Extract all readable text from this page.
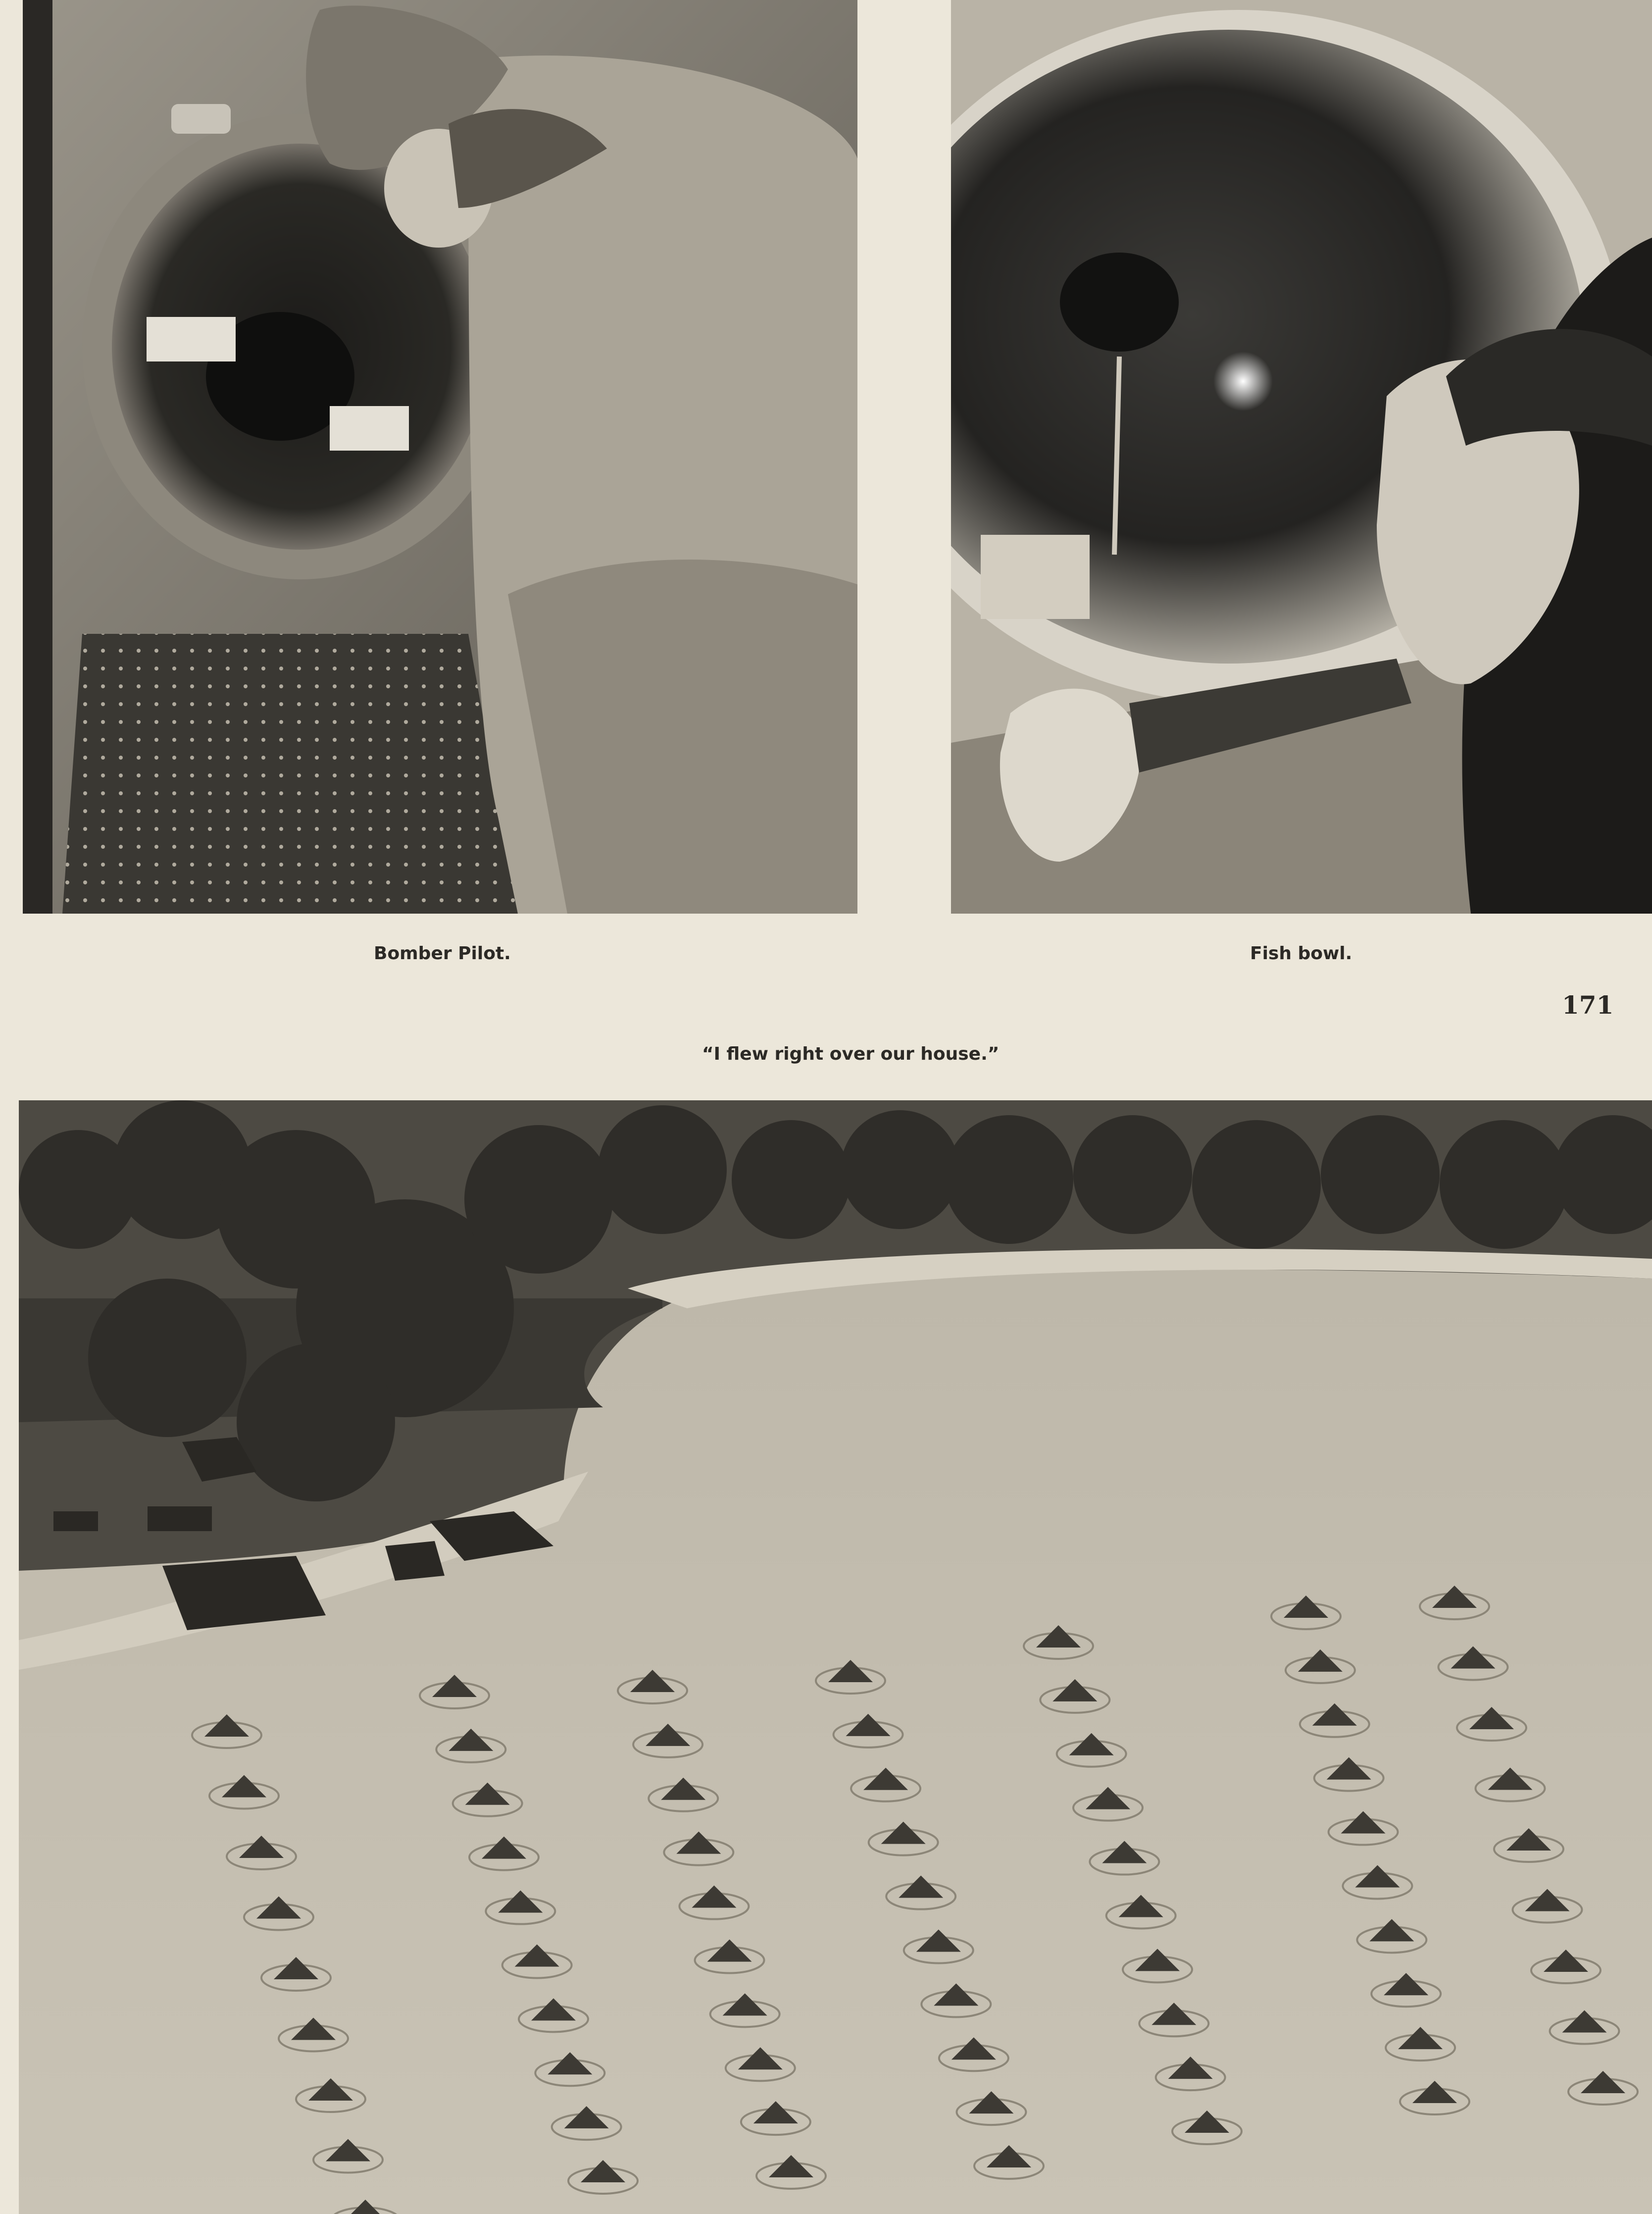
Bomber Pilot.	Fish bowl.
171
“I flew right over our house.”
